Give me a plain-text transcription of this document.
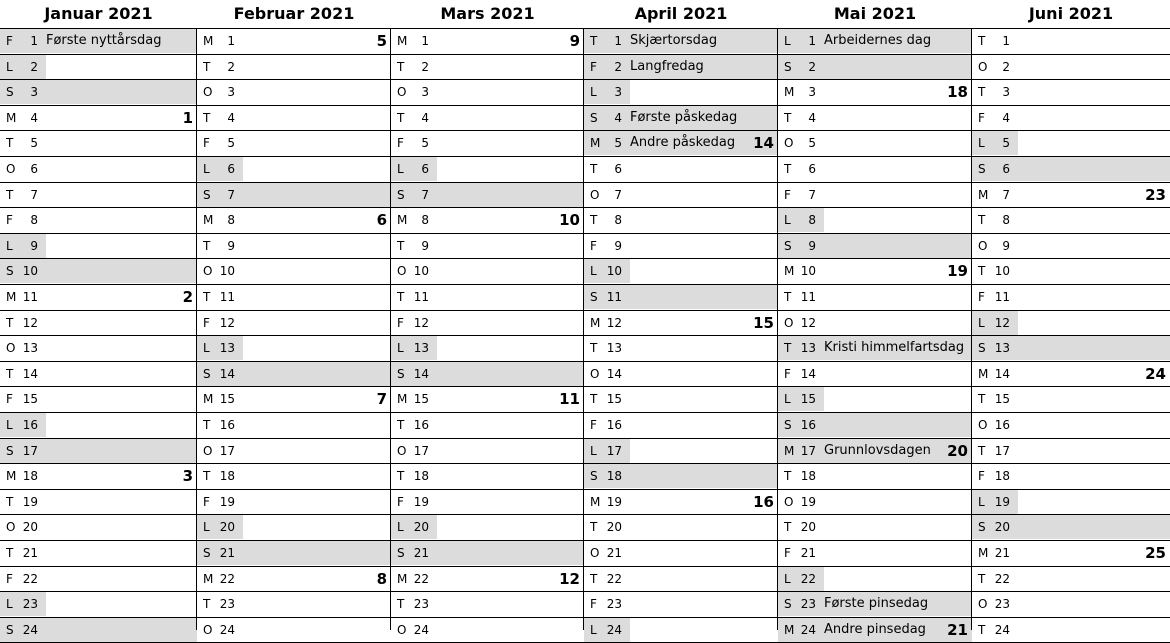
Januar 2021
F	1 Første nyttårsdag
L	2
S	3
M	4	1
T	5
O	6
T	7
F	8
L	9
S 10
M 11	2
T 12
O 13
T 14
F 15
L 16
S 17
M 18	3
T 19
O 20
T 21
F 22
L 23
S 24
Februar 2021
M	1	5
T	2
O	3
T	4
F	5
L	6
S	7
M	8	6
T	9
O 10
T 11
F 12
L 13
S 14
M 15	7
T 16
O 17
T 18
F 19
L 20
S 21
M 22	8
T 23
O 24
Mars 2021
M	1	9
T	2
O	3
T	4
F	5
L	6
S	7
M	8	10
T	9
O 10
T 11
F 12
L 13
S 14
M 15	11
T 16
O 17
T 18
F 19
L 20
S 21
M 22	12
T 23
O 24
April 2021
T	1 Skjærtorsdag
F	2 Langfredag
L	3
S	4 Første påskedag
M	5 Andre påskedag 14
T	6
O	7
T	8
F	9
L 10
S 11
M 12	15
T 13
O 14
T 15
F 16
L 17
S 18
M 19	16
T 20
O 21
T 22
F 23
L 24
Mai 2021
L	1 Arbeidernes dag
S	2
M	3	18
T	4
O	5
T	6
F	7
L	8
S	9
M 10	19
T 11
O 12
T 13 Kristi himmelfartsdag
F 14
L 15
S 16
M 17 Grunnlovsdagen 20
T 18
O 19
T 20
F 21
L 22
S 23 Første pinsedag
M 24 Andre pinsedag 21
Juni 2021
T	1
O	2
T	3
F	4
L	5
S	6
M	7	23
T	8
O	9
T 10
F 11
L 12
S 13
M 14	24
T 15
O 16
T 17
F 18
L 19
S 20
M 21	25
T 22
O 23
T 24
